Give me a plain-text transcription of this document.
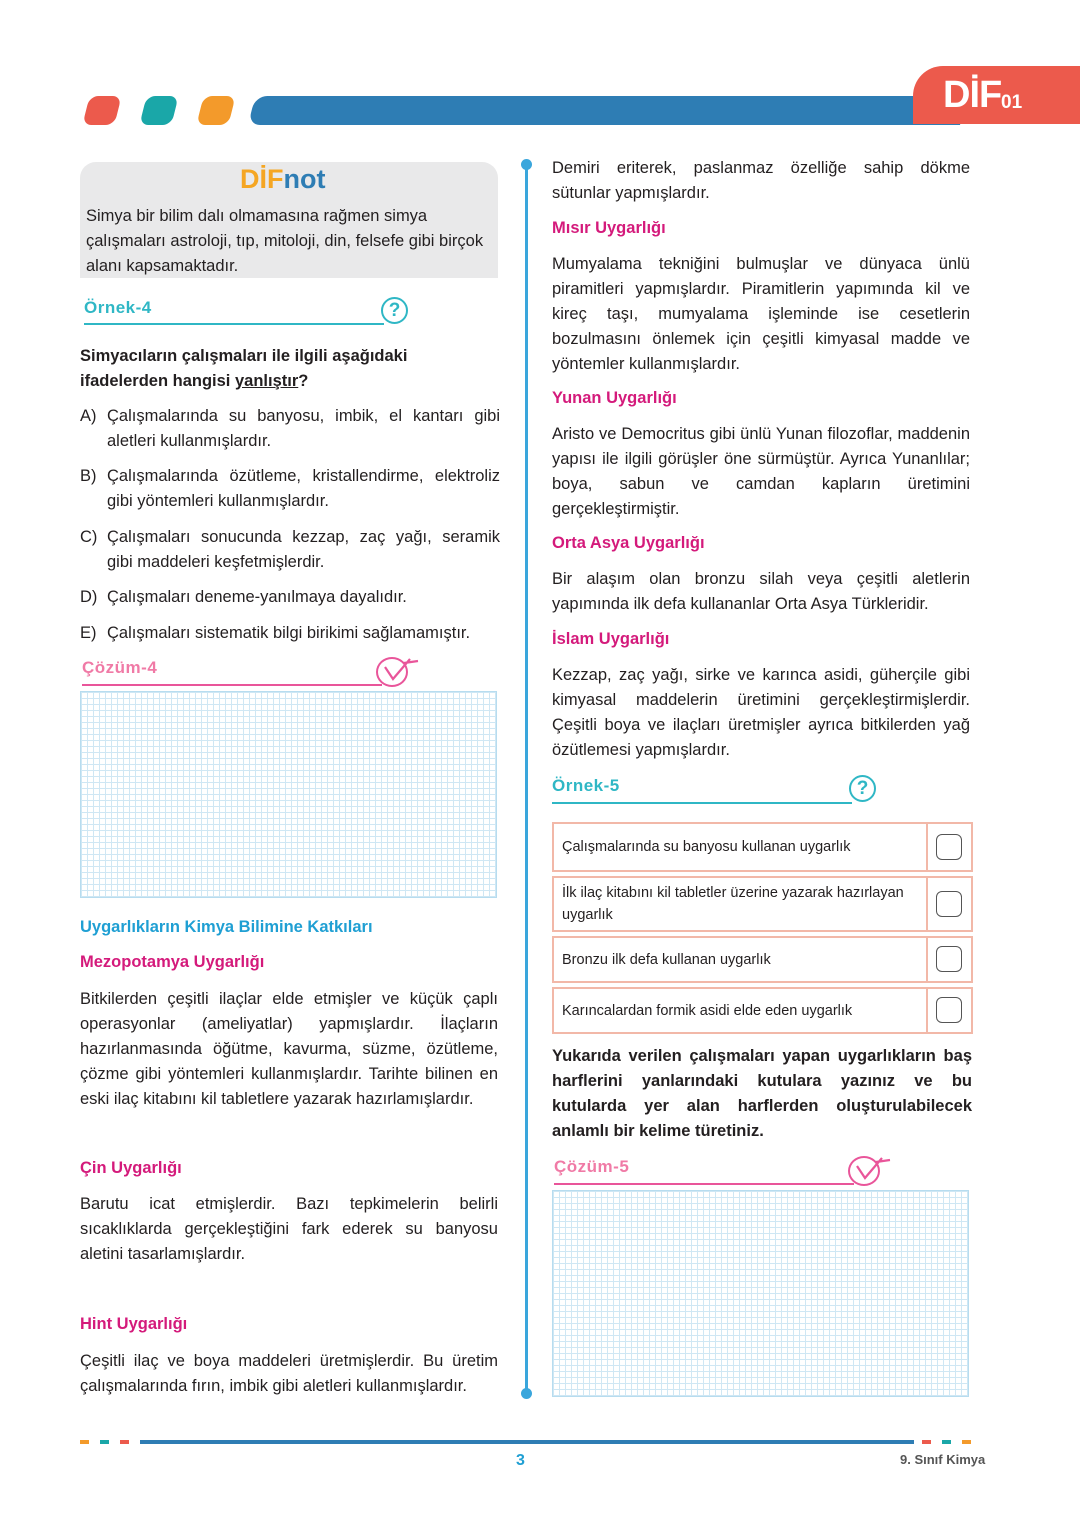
DİF 01
DİFnot

Simya bir bilim dalı olmamasına rağmen simya çalışmaları astroloji, tıp, mitoloji, din, felsefe gibi birçok alanı kapsamaktadır.

Örnek-4	?

Simyacıların çalışmaları ile ilgili aşağıdaki ifadelerden hangisi yanlıştır?

A) Çalışmalarında su banyosu, imbik, el kantarı gibi aletleri kullanmışlardır.
B) Çalışmalarında özütleme, kristallendirme, elektroliz gibi yöntemleri kullanmışlardır.
C) Çalışmaları sonucunda kezzap, zaç yağı, seramik gibi maddeleri keşfetmişlerdir.
D) Çalışmaları deneme-yanılmaya dayalıdır.
E) Çalışmaları sistematik bilgi birikimi sağlamamıştır.
Çözüm-4
Uygarlıkların Kimya Bilimine Katkıları
Mezopotamya Uygarlığı

Bitkilerden çeşitli ilaçlar elde etmişler ve küçük çaplı operasyonlar (ameliyatlar) yapmışlardır. İlaçların hazırlanmasında öğütme, kavurma, süzme, özütleme, çözme gibi yöntemleri kullanmışlardır. Tarihte bilinen en eski ilaç kitabını kil tabletlere yazarak hazırlamışlardır.

Çin Uygarlığı

Barutu icat etmişlerdir. Bazı tepkimelerin belirli sıcaklıklarda gerçekleştiğini fark ederek su banyosu aletini tasarlamışlardır.

Hint Uygarlığı

Çeşitli ilaç ve boya maddeleri üretmişlerdir. Bu üretim çalışmalarında fırın, imbik gibi aletleri kullanmışlardır.

Demiri eriterek, paslanmaz özelliğe sahip dökme sütunlar yapmışlardır.

Mısır Uygarlığı

Mumyalama tekniğini bulmuşlar ve dünyaca ünlü piramitleri yapmışlardır. Piramitlerin yapımında kil ve kireç taşı, mumyalama işleminde ise cesetlerin bozulmasını önlemek için çeşitli kimyasal madde ve yöntemler kullanmışlardır.

Yunan Uygarlığı

Aristo ve Democritus gibi ünlü Yunan filozoflar, maddenin yapısı ile ilgili görüşler öne sürmüştür. Ayrıca Yunanlılar; boya, sabun ve camdan kapların üretimini gerçekleştirmiştir.

Orta Asya Uygarlığı

Bir alaşım olan bronzu silah veya çeşitli aletlerin yapımında ilk defa kullananlar Orta Asya Türkleridir.

İslam Uygarlığı

Kezzap, zaç yağı, sirke ve karınca asidi, güherçile gibi kimyasal maddelerin üretimini gerçekleştirmişlerdir. Çeşitli boya ve ilaçları üretmişler ayrıca bitkilerden yağ özütlemesi yapmışlardır.

Örnek-5	?
Çalışmalarında su banyosu kullanan uygarlık
İlk ilaç kitabını kil tabletler üzerine yazarak hazırlayan uygarlık
Bronzu ilk defa kullanan uygarlık
Karıncalardan formik asidi elde eden uygarlık

Yukarıda verilen çalışmaları yapan uygarlıkların baş harflerini yanlarındaki kutulara yazınız ve bu kutularda yer alan harflerden oluşturulabilecek anlamlı bir kelime türetiniz.

Çözüm-5
3	9. Sınıf Kimya
